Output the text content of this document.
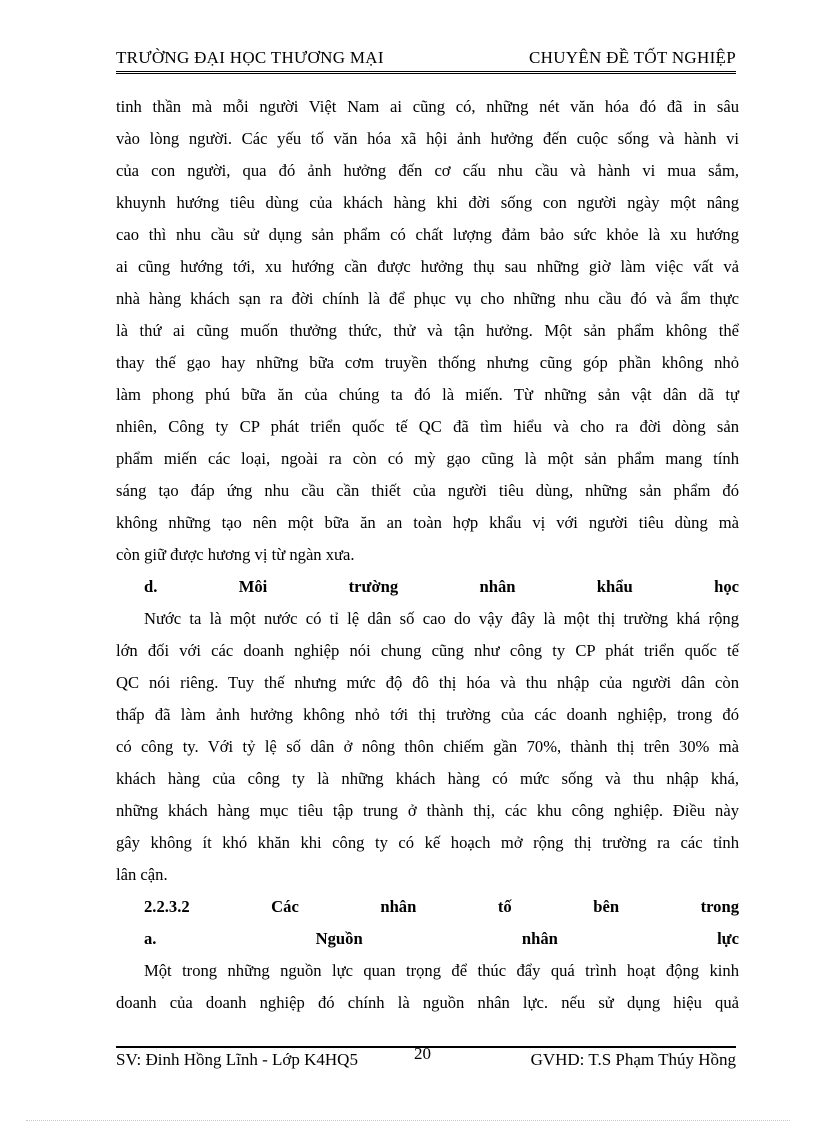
TRƯỜNG ĐẠI HỌC THƯƠNG MẠI	CHUYÊN ĐỀ TỐT NGHIỆP

tinh thần mà mỗi người Việt Nam ai cũng có, những nét văn hóa đó đã in sâu

vào lòng người. Các yếu tố văn hóa xã hội ảnh hưởng đến cuộc sống và hành vi

của con người, qua đó ảnh hưởng đến cơ cấu nhu cầu và hành vi mua sắm,

khuynh hướng tiêu dùng của khách hàng khi đời sống con người ngày một nâng

cao thì nhu cầu sử dụng sản phẩm có chất lượng đảm bảo sức khỏe là xu hướng

ai cũng hướng tới, xu hướng cần được hưởng thụ sau những giờ làm việc vất vả

nhà hàng khách sạn ra đời chính là để phục vụ cho những nhu cầu đó và ẩm thực

là thứ ai cũng muốn thưởng thức, thử và tận hưởng. Một sản phẩm không thể

thay thế gạo hay những bữa cơm truyền thống nhưng cũng góp phần không nhỏ

làm phong phú bữa ăn của chúng ta đó là miến. Từ những sản vật dân dã tự

nhiên, Công ty CP phát triển quốc tế QC đã tìm hiểu và cho ra đời dòng sản

phẩm miến các loại, ngoài ra còn có mỳ gạo cũng là một sản phẩm mang tính

sáng tạo đáp ứng nhu cầu cần thiết của người tiêu dùng, những sản phẩm đó

không những tạo nên một bữa ăn an toàn hợp khẩu vị với người tiêu dùng mà

còn giữ được hương vị từ ngàn xưa.

d. Môi trường nhân khẩu học

Nước ta là một nước có tỉ lệ dân số cao do vậy đây là một thị trường khá rộng

lớn đối với các doanh nghiệp nói chung cũng như công ty CP phát triển quốc tế

QC nói riêng. Tuy thế nhưng mức độ đô thị hóa và thu nhập của người dân còn

thấp đã làm ảnh hưởng không nhỏ tới thị trường của các doanh nghiệp, trong đó

có công ty. Với tỷ lệ số dân ở nông thôn chiếm gần 70%, thành thị trên 30% mà

khách hàng của công ty là những khách hàng có mức sống và thu nhập khá,

những khách hàng mục tiêu tập trung ở thành thị, các khu công nghiệp. Điều này

gây không ít khó khăn khi công ty có kế hoạch mở rộng thị trường ra các tỉnh

lân cận.

2.2.3.2 Các nhân tố bên trong

a. Nguồn nhân lực

Một trong những nguồn lực quan trọng để thúc đẩy quá trình hoạt động kinh

doanh của doanh nghiệp đó chính là nguồn nhân lực. nếu sử dụng hiệu quả

SV: Đinh Hồng Lĩnh - Lớp K4HQ5	20	GVHD: T.S Phạm Thúy Hồng
